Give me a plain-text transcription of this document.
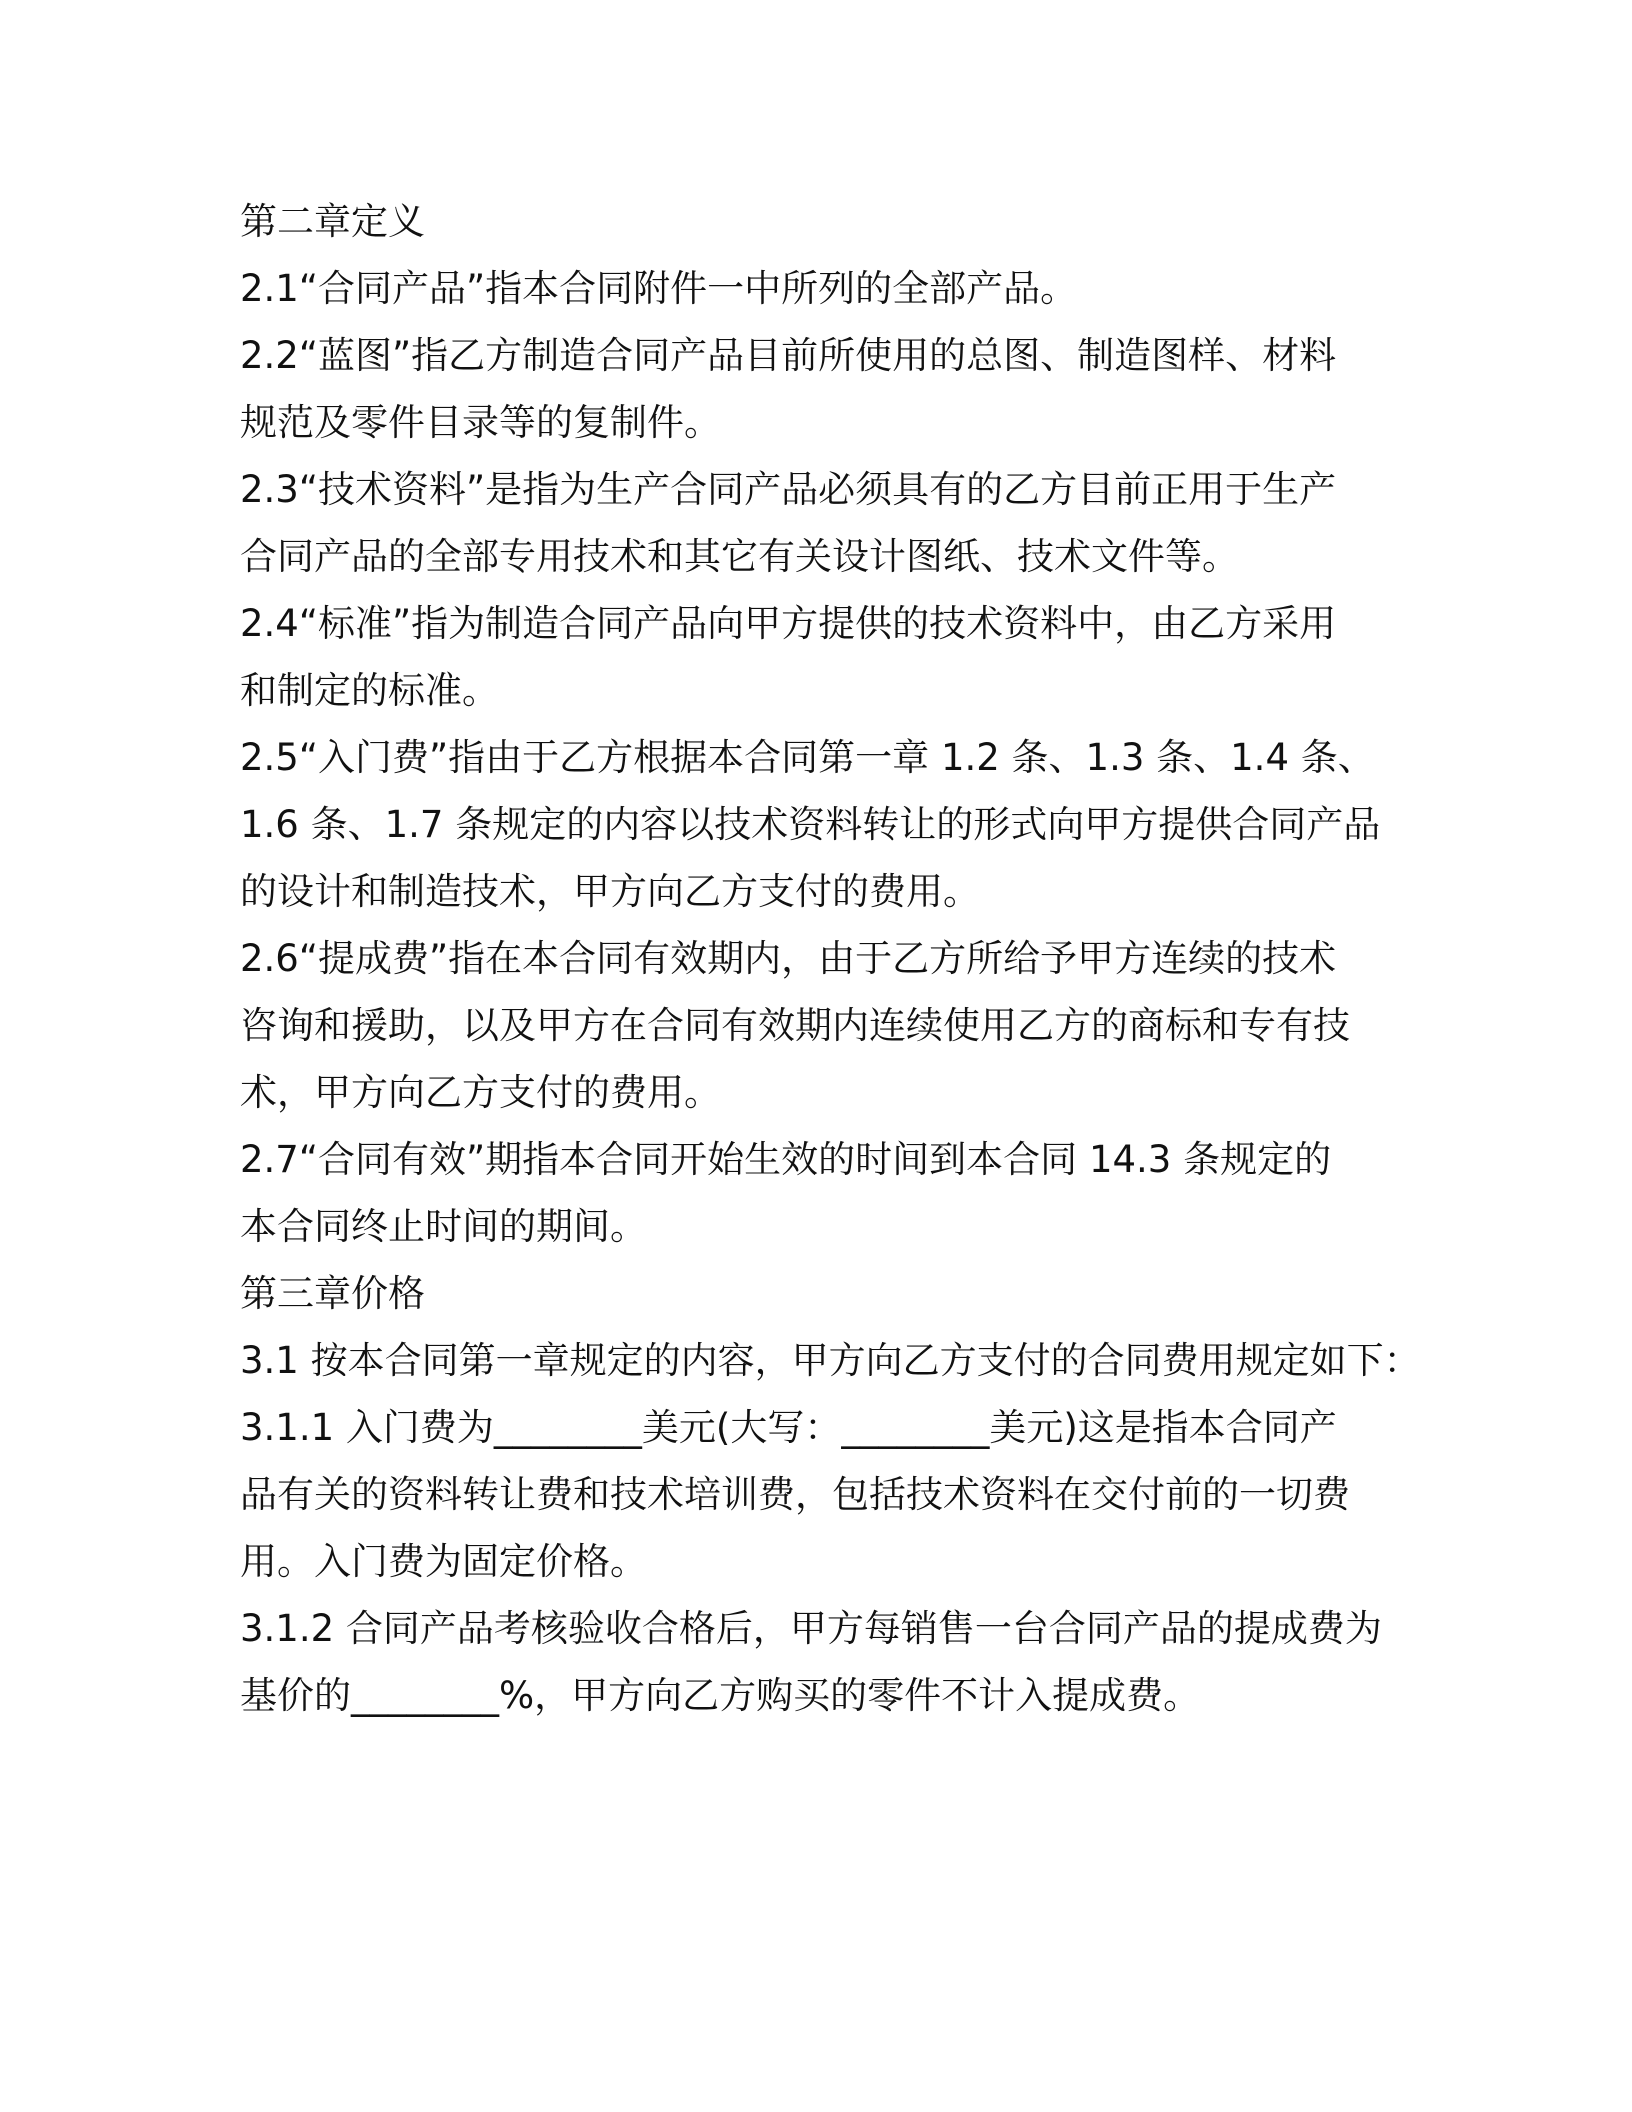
第二章定义
2.1“合同产品”指本合同附件一中所列的全部产品。
2.2“蓝图”指乙方制造合同产品目前所使用的总图、制造图样、材料
规范及零件目录等的复制件。
2.3“技术资料”是指为生产合同产品必须具有的乙方目前正用于生产
合同产品的全部专用技术和其它有关设计图纸、技术文件等。
2.4“标准”指为制造合同产品向甲方提供的技术资料中，由乙方采用
和制定的标准。
2.5“入门费”指由于乙方根据本合同第一章 1.2 条、1.3 条、1.4 条、
1.6 条、1.7 条规定的内容以技术资料转让的形式向甲方提供合同产品
的设计和制造技术，甲方向乙方支付的费用。
2.6“提成费”指在本合同有效期内，由于乙方所给予甲方连续的技术
咨询和援助，以及甲方在合同有效期内连续使用乙方的商标和专有技
术，甲方向乙方支付的费用。
2.7“合同有效”期指本合同开始生效的时间到本合同 14.3 条规定的
本合同终止时间的期间。
第三章价格
3.1 按本合同第一章规定的内容，甲方向乙方支付的合同费用规定如下：
3.1.1 入门费为________美元(大写：________美元)这是指本合同产
品有关的资料转让费和技术培训费，包括技术资料在交付前的一切费
用。入门费为固定价格。
3.1.2 合同产品考核验收合格后，甲方每销售一台合同产品的提成费为
基价的________%，甲方向乙方购买的零件不计入提成费。
